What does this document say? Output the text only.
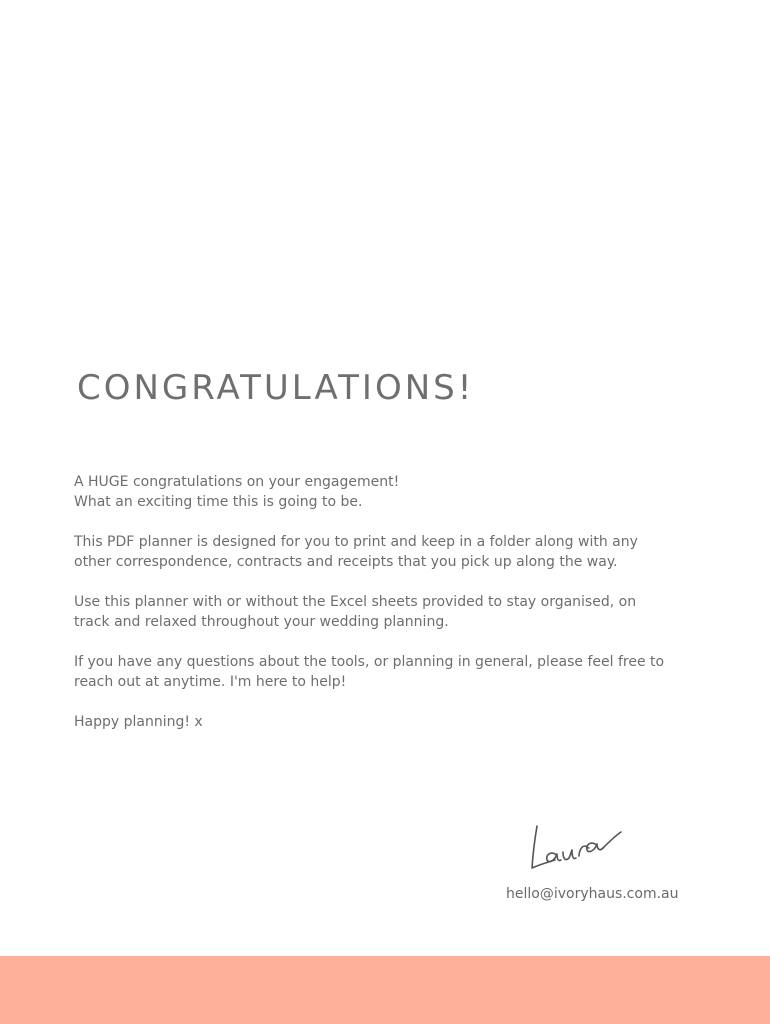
CONGRATULATIONS!

A HUGE congratulations on your engagement!
What an exciting time this is going to be.

This PDF planner is designed for you to print and keep in a folder along with any other correspondence, contracts and receipts that you pick up along the way.

Use this planner with or without the Excel sheets provided to stay organised, on track and relaxed throughout your wedding planning.

If you have any questions about the tools, or planning in general, please feel free to reach out at anytime. I'm here to help!

Happy planning! x

hello@ivoryhaus.com.au
